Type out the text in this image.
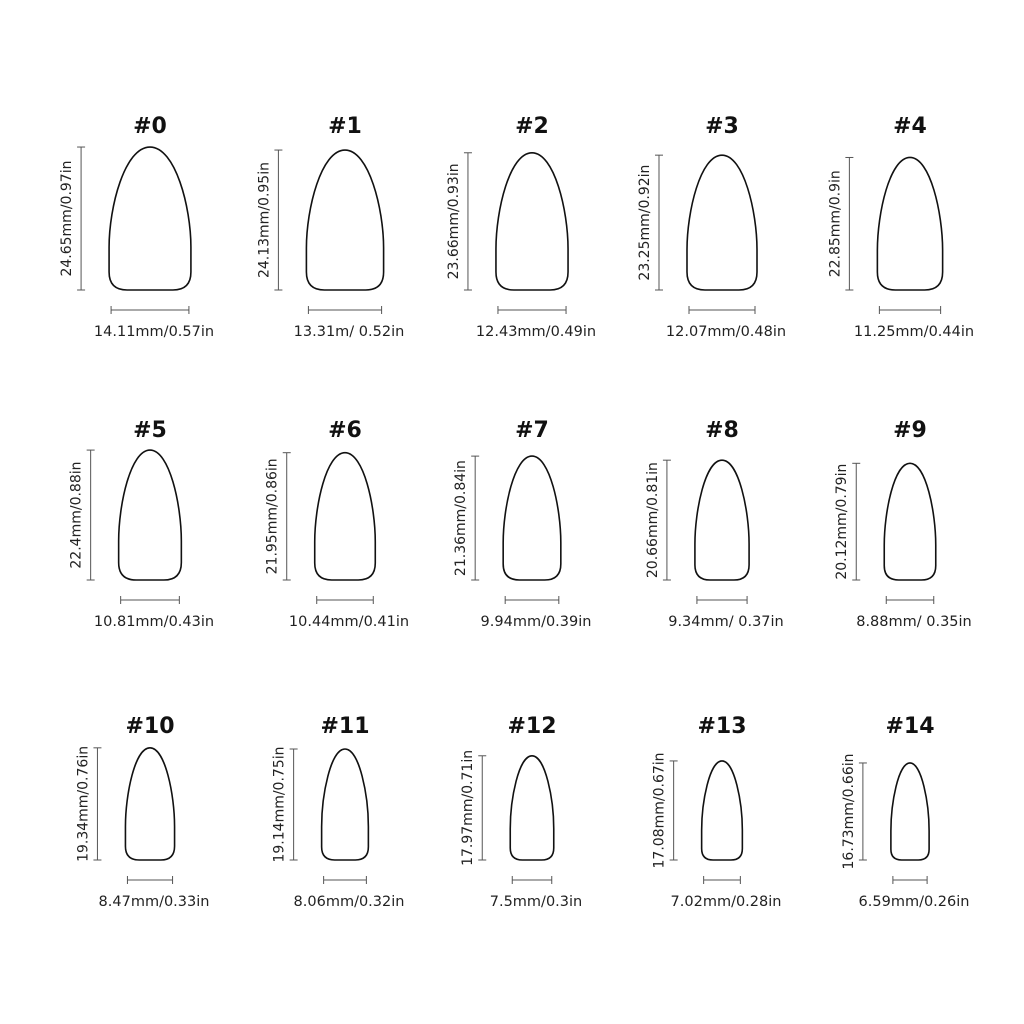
#0
24.65mm/0.97in
14.11mm/0.57in
#1
24.13mm/0.95in
13.31m/ 0.52in
#2
23.66mm/0.93in
12.43mm/0.49in
#3
23.25mm/0.92in
12.07mm/0.48in
#4
22.85mm/0.9in
11.25mm/0.44in
#5
22.4mm/0.88in
10.81mm/0.43in
#6
21.95mm/0.86in
10.44mm/0.41in
#7
21.36mm/0.84in
9.94mm/0.39in
#8
20.66mm/0.81in
9.34mm/ 0.37in
#9
20.12mm/0.79in
8.88mm/ 0.35in
#10
19.34mm/0.76in
8.47mm/0.33in
#11
19.14mm/0.75in
8.06mm/0.32in
#12
17.97mm/0.71in
7.5mm/0.3in
#13
17.08mm/0.67in
7.02mm/0.28in
#14
16.73mm/0.66in
6.59mm/0.26in
